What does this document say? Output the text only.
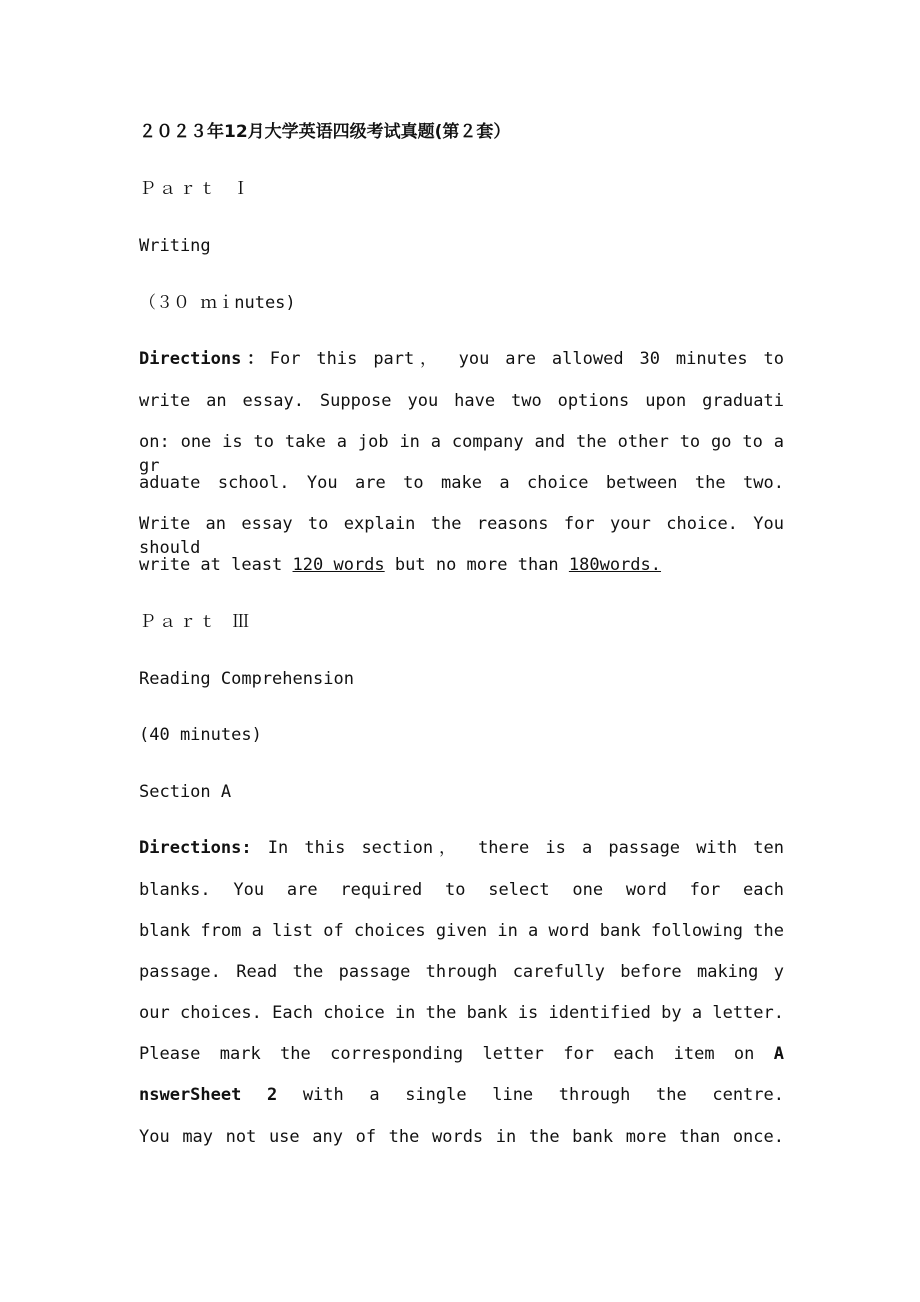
２０２３年12月大学英语四级考试真题(第２套）
Ｐａｒｔ Ｉ
Writing
（３０ ｍｉnutes)
Directions：For this part， you are allowed 30 minutes to
write an essay. Suppose you have two options upon graduati
on: one is to take a job in a company and the other to go to a gr
aduate school. You are to make a choice between the two.
Write an essay to explain the reasons for your choice. You should
write at least 120 words but no more than 180words.
Ｐａｒｔ Ⅲ
Reading Comprehension
(40 minutes)
Section A
Directions: In this section， there is a passage with ten
blanks. You are required to select one word for each
blank from a list of choices given in a word bank following the
passage. Read the passage through carefully before making y
our choices. Each choice in the bank is identified by a letter.
Please mark the corresponding letter for each item on A
nswerSheet 2 with a single line through the centre.
You may not use any of the words in the bank more than once.
